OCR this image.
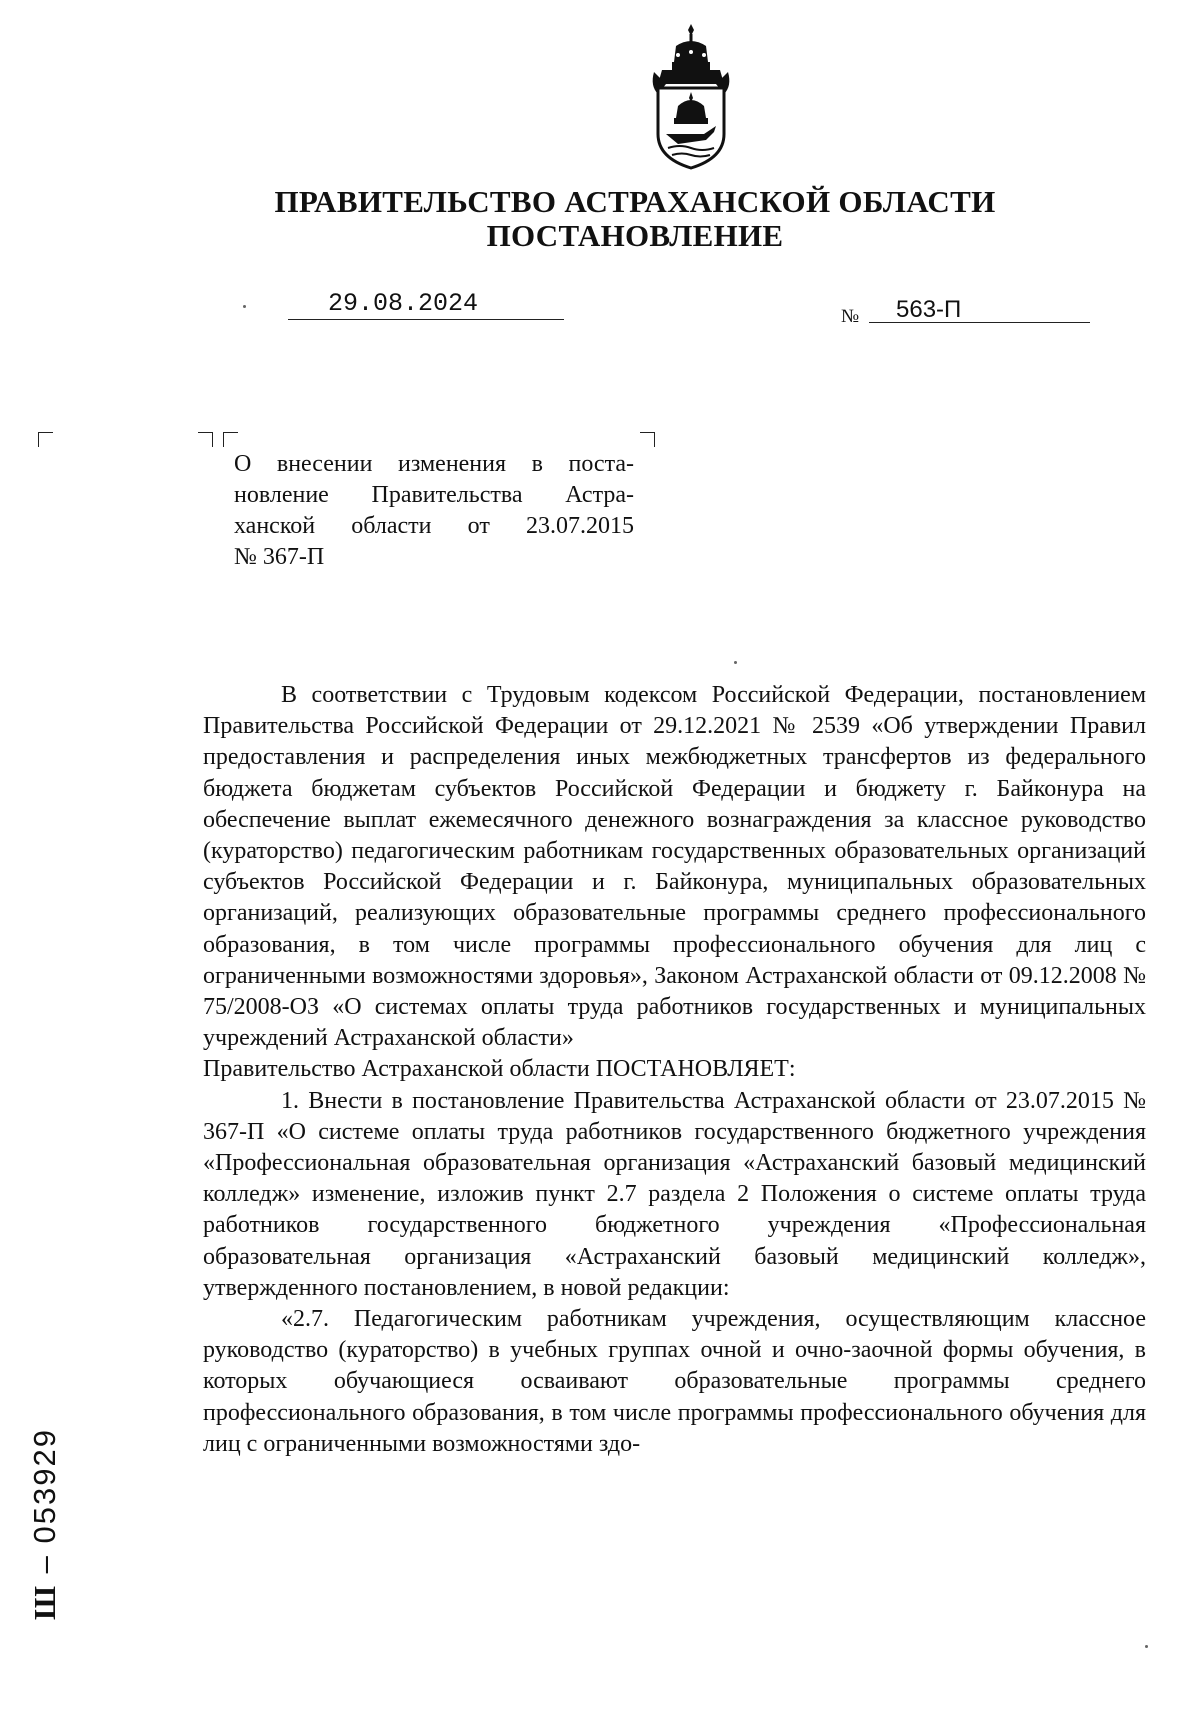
ПРАВИТЕЛЬСТВО АСТРАХАНСКОЙ ОБЛАСТИ
ПОСТАНОВЛЕНИЕ
29.08.2024	№ 563-П
О внесении изменения в поста-
новление Правительства Астра-
ханской области от 23.07.2015
№ 367-П

В соответствии с Трудовым кодексом Российской Федерации, постановлением Правительства Российской Федерации от 29.12.2021 № 2539 «Об утверждении Правил предоставления и распределения иных межбюджетных трансфертов из федерального бюджета бюджетам субъектов Российской Федерации и бюджету г. Байконура на обеспечение выплат ежемесячного денежного вознаграждения за классное руководство (кураторство) педагогическим работникам государственных образовательных организаций субъектов Российской Федерации и г. Байконура, муниципальных образовательных организаций, реализующих образовательные программы среднего профессионального образования, в том числе программы профессионального обучения для лиц с ограниченными возможностями здоровья», Законом Астраханской области от 09.12.2008 № 75/2008-ОЗ «О системах оплаты труда работников государственных и муниципальных учреждений Астраханской области»

Правительство Астраханской области ПОСТАНОВЛЯЕТ:

1. Внести в постановление Правительства Астраханской области от 23.07.2015 № 367-П «О системе оплаты труда работников государственного бюджетного учреждения «Профессиональная образовательная организация «Астраханский базовый медицинский колледж» изменение, изложив пункт 2.7 раздела 2 Положения о системе оплаты труда работников государственного бюджетного учреждения «Профессиональная образовательная организация «Астраханский базовый медицинский колледж», утвержденного постановлением, в новой редакции:

«2.7. Педагогическим работникам учреждения, осуществляющим классное руководство (кураторство) в учебных группах очной и очно-заочной формы обучения, в которых обучающиеся осваивают образовательные программы среднего профессионального образования, в том числе программы профессионального обучения для лиц с ограниченными возможностями здо-

Ш – 053929
